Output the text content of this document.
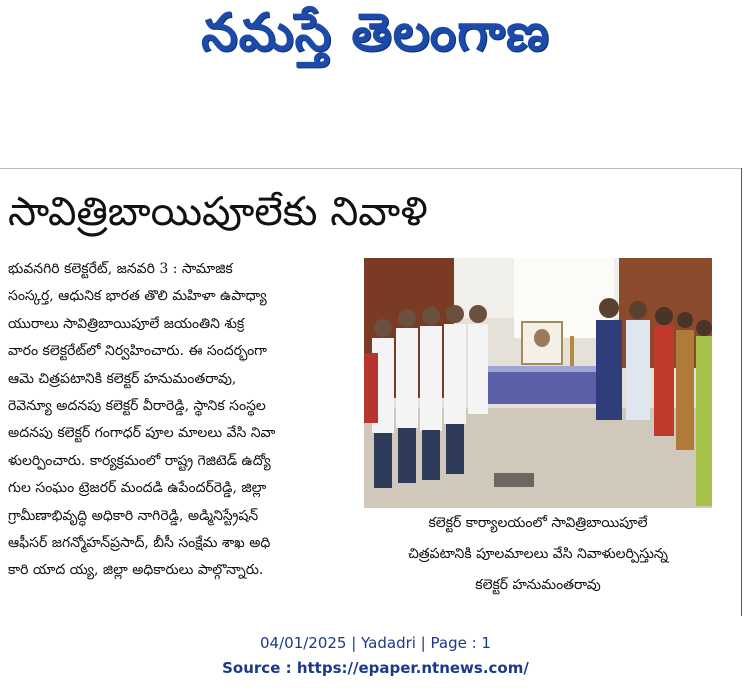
నమస్తే తెలంగాణ
సావిత్రిబాయిపూలేకు నివాళి
భువనగిరి కలెక్టరేట్, జనవరి 3 : సామాజిక
సంస్కర్త, ఆధునిక భారత తొలి మహిళా ఉపాధ్యా
యురాలు సావిత్రిబాయిపూలే జయంతిని శుక్ర
వారం కలెక్టరేట్‌లో నిర్వహించారు. ఈ సందర్భంగా
ఆమె చిత్రపటానికి కలెక్టర్ హనుమంతరావు,
రెవెన్యూ అదనపు కలెక్టర్ వీరారెడ్డి, స్థానిక సంస్థల
అదనపు కలెక్టర్ గంగాధర్ పూల మాలలు వేసి నివా
ళులర్పించారు. కార్యక్రమంలో రాష్ట్ర గెజిటెడ్ ఉద్యో
గుల సంఘం ట్రెజరర్ మందడి ఉపేందర్‌రెడ్డి, జిల్లా
గ్రామీణాభివృద్ధి అధికారి నాగిరెడ్డి, అడ్మినిస్ట్రేషన్
ఆఫీసర్ జగన్మోహన్‌ప్రసాద్, బీసీ సంక్షేమ శాఖ అధి
కారి యాద య్య, జిల్లా అధికారులు పాల్గొన్నారు.
కలెక్టర్ కార్యాలయంలో సావిత్రిబాయిపూలే
చిత్రపటానికి పూలమాలలు వేసి నివాళులర్పిస్తున్న
కలెక్టర్ హనుమంతరావు
04/01/2025 | Yadadri | Page : 1
Source : https://epaper.ntnews.com/
